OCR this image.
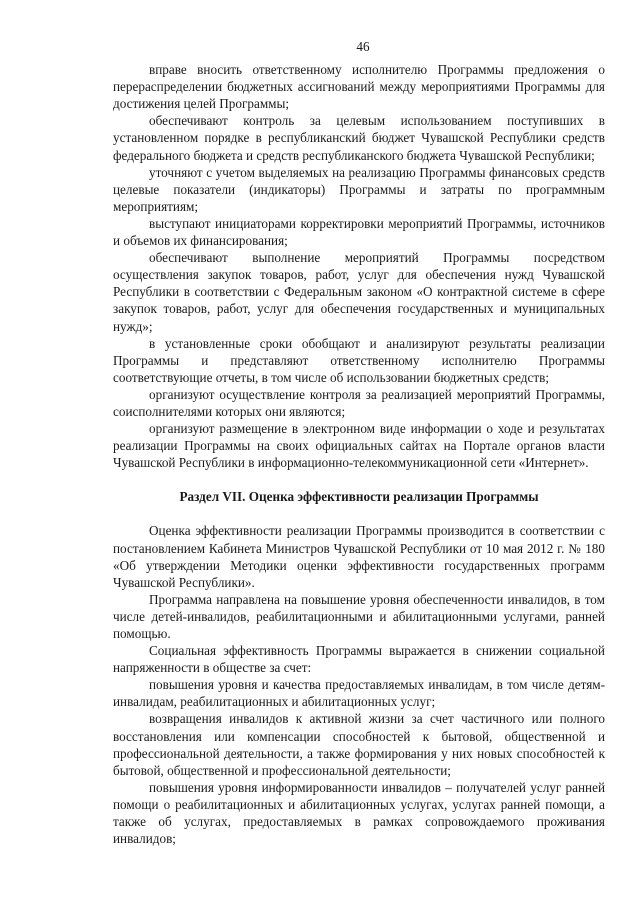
46

вправе вносить ответственному исполнителю Программы предложения о перераспределении бюджетных ассигнований между мероприятиями Программы для достижения целей Программы;

обеспечивают контроль за целевым использованием поступивших в установленном порядке в республиканский бюджет Чувашской Республики средств федерального бюджета и средств республиканского бюджета Чувашской Республики;

уточняют с учетом выделяемых на реализацию Программы финансовых средств целевые показатели (индикаторы) Программы и затраты по программным мероприятиям;

выступают инициаторами корректировки мероприятий Программы, источников и объемов их финансирования;

обеспечивают выполнение мероприятий Программы посредством осуществления закупок товаров, работ, услуг для обеспечения нужд Чувашской Республики в соответствии с Федеральным законом «О контрактной системе в сфере закупок товаров, работ, услуг для обеспечения государственных и муниципальных нужд»;

в установленные сроки обобщают и анализируют результаты реализации Программы и представляют ответственному исполнителю Программы соответствующие отчеты, в том числе об использовании бюджетных средств;

организуют осуществление контроля за реализацией мероприятий Программы, соисполнителями которых они являются;

организуют размещение в электронном виде информации о ходе и результатах реализации Программы на своих официальных сайтах на Портале органов власти Чувашской Республики в информационно-телекоммуникационной сети «Интернет».

Раздел VII. Оценка эффективности реализации Программы

Оценка эффективности реализации Программы производится в соответствии с постановлением Кабинета Министров Чувашской Республики от 10 мая 2012 г. № 180 «Об утверждении Методики оценки эффективности государственных программ Чувашской Республики».

Программа направлена на повышение уровня обеспеченности инвалидов, в том числе детей-инвалидов, реабилитационными и абилитационными услугами, ранней помощью.

Социальная эффективность Программы выражается в снижении социальной напряженности в обществе за счет:

повышения уровня и качества предоставляемых инвалидам, в том числе детям-инвалидам, реабилитационных и абилитационных услуг;

возвращения инвалидов к активной жизни за счет частичного или полного восстановления или компенсации способностей к бытовой, общественной и профессиональной деятельности, а также формирования у них новых способностей к бытовой, общественной и профессиональной деятельности;

повышения уровня информированности инвалидов – получателей услуг ранней помощи о реабилитационных и абилитационных услугах, услугах ранней помощи, а также об услугах, предоставляемых в рамках сопровождаемого проживания инвалидов;
